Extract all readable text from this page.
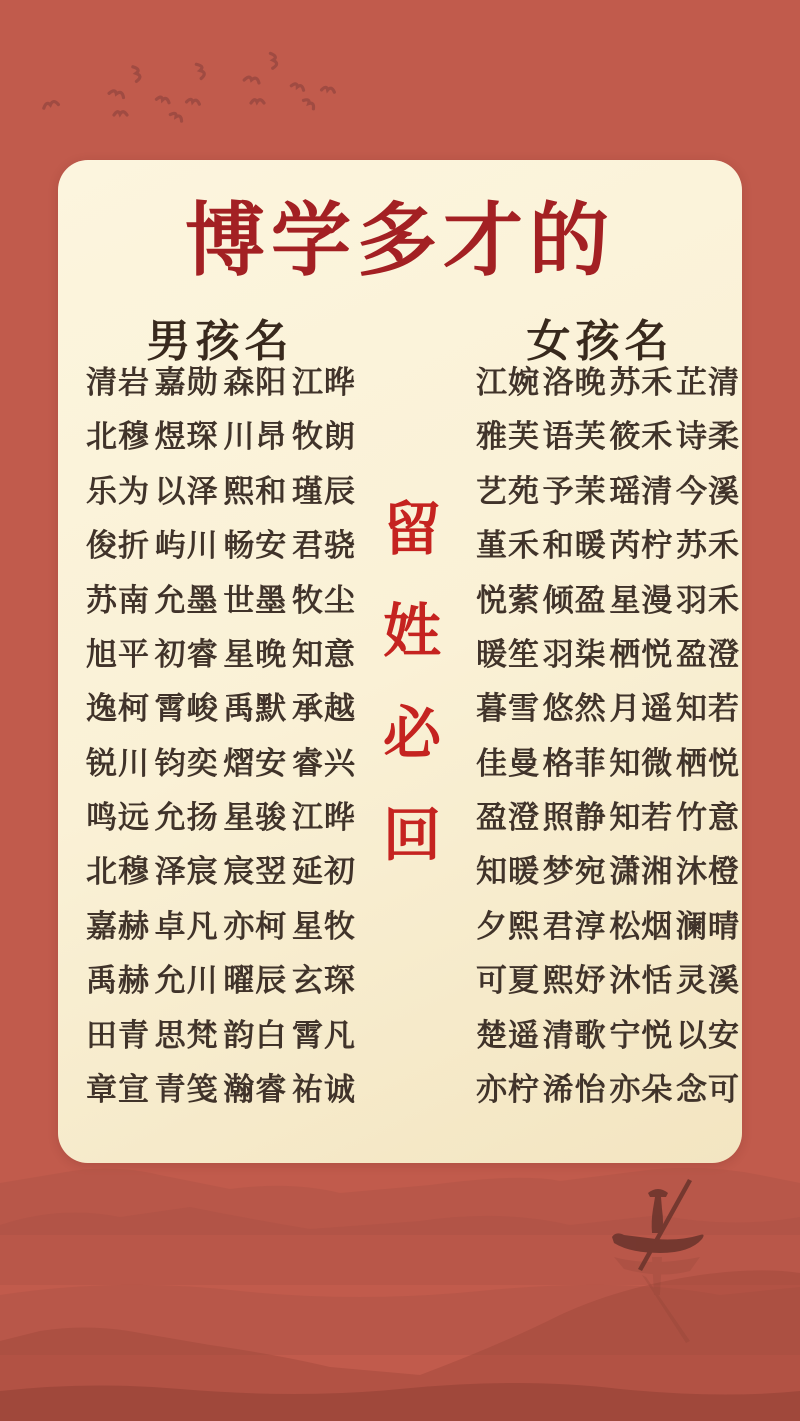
博学多才的
男孩名	女孩名
清岩 嘉勋 森阳 江晔
北穆 煜琛 川昂 牧朗
乐为 以泽 熙和 瑾辰
俊折 屿川 畅安 君骁
苏南 允墨 世墨 牧尘
旭平 初睿 星晚 知意
逸柯 霄峻 禹默 承越
锐川 钧奕 熠安 睿兴
鸣远 允扬 星骏 江晔
北穆 泽宸 宸翌 延初
嘉赫 卓凡 亦柯 星牧
禹赫 允川 曜辰 玄琛
田青 思梵 韵白 霄凡
章宣 青笺 瀚睿 祐诚
留
姓
必
回
江婉 洛晚 苏禾 芷清
雅芙 语芙 筱禾 诗柔
艺苑 予茉 瑶清 今溪
堇禾 和暖 芮柠 苏禾
悦萦 倾盈 星漫 羽禾
暖笙 羽柒 栖悦 盈澄
暮雪 悠然 月遥 知若
佳曼 格菲 知微 栖悦
盈澄 照静 知若 竹意
知暖 梦宛 潇湘 沐橙
夕熙 君淳 松烟 澜晴
可夏 熙妤 沐恬 灵溪
楚遥 清歌 宁悦 以安
亦柠 浠怡 亦朵 念可
